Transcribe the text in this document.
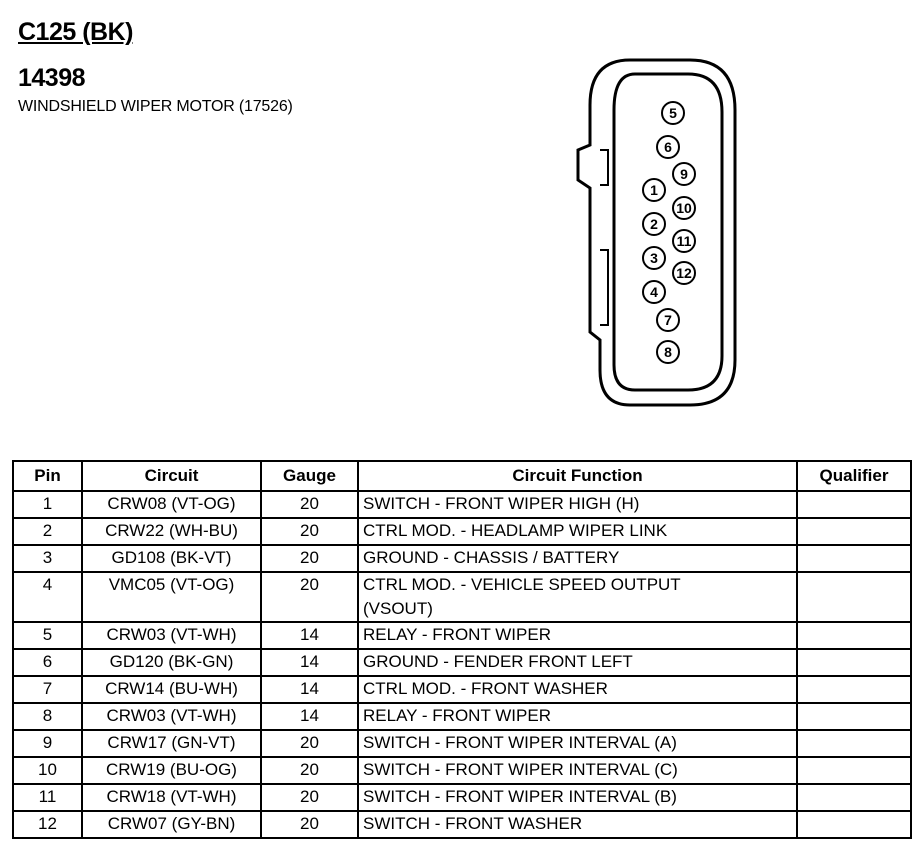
C125 (BK)
14398
WINDSHIELD WIPER MOTOR (17526)
1
2
3
4
5
6
7
8
9
10
11
12
Pin	Circuit	Gauge	Circuit Function	Qualifier
1	CRW08 (VT-OG)	20	SWITCH - FRONT WIPER HIGH (H)	
2	CRW22 (WH-BU)	20	CTRL MOD. - HEADLAMP WIPER LINK	
3	GD108 (BK-VT)	20	GROUND - CHASSIS / BATTERY	
4	VMC05 (VT-OG)	20	CTRL MOD. - VEHICLE SPEED OUTPUT
(VSOUT)	

5	CRW03 (VT-WH)	14	RELAY - FRONT WIPER	
6	GD120 (BK-GN)	14	GROUND - FENDER FRONT LEFT	
7	CRW14 (BU-WH)	14	CTRL MOD. - FRONT WASHER	
8	CRW03 (VT-WH)	14	RELAY - FRONT WIPER	
9	CRW17 (GN-VT)	20	SWITCH - FRONT WIPER INTERVAL (A)	
10	CRW19 (BU-OG)	20	SWITCH - FRONT WIPER INTERVAL (C)	
11	CRW18 (VT-WH)	20	SWITCH - FRONT WIPER INTERVAL (B)	
12	CRW07 (GY-BN)	20	SWITCH - FRONT WASHER	
